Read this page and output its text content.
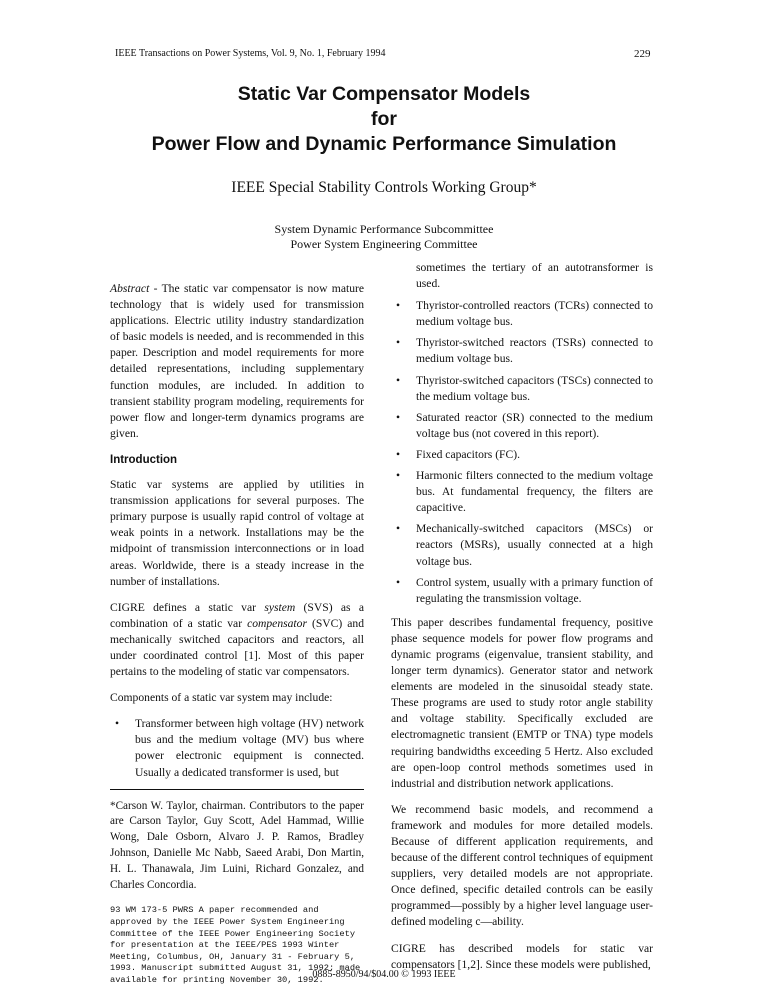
IEEE Transactions on Power Systems, Vol. 9, No. 1, February 1994	229
Static Var Compensator Models
for
Power Flow and Dynamic Performance Simulation
IEEE Special Stability Controls Working Group*
System Dynamic Performance Subcommittee
Power System Engineering Committee

Abstract - The static var compensator is now mature technology that is widely used for transmission applications. Electric utility industry standardization of basic models is needed, and is recommended in this paper. Description and model requirements for more detailed representations, including supplementary function modules, are included. In addition to transient stability program modeling, requirements for power flow and longer-term dynamics programs are given.

Introduction

Static var systems are applied by utilities in transmission applications for several purposes. The primary purpose is usually rapid control of voltage at weak points in a network. Installations may be the midpoint of transmission interconnections or in load areas. Worldwide, there is a steady increase in the number of installations.

CIGRE defines a static var system (SVS) as a combination of a static var compensator (SVC) and mechanically switched capacitors and reactors, all under coordinated control [1]. Most of this paper pertains to the modeling of static var compensators.

Components of a static var system may include:

• Transformer between high voltage (HV) network bus and the medium voltage (MV) bus where power electronic equipment is connected. Usually a dedicated transformer is used, but
*Carson W. Taylor, chairman. Contributors to the paper are Carson Taylor, Guy Scott, Adel Hammad, Willie Wong, Dale Osborn, Alvaro J. P. Ramos, Bradley Johnson, Danielle Mc Nabb, Saeed Arabi, Don Martin, H. L. Thanawala, Jim Luini, Richard Gonzalez, and Charles Concordia.
93 WM 173-5 PWRS A paper recommended and approved by the IEEE Power System Engineering Committee of the IEEE Power Engineering Society for presentation at the IEEE/PES 1993 Winter Meeting, Columbus, OH, January 31 - February 5, 1993. Manuscript submitted August 31, 1992; made available for printing November 30, 1992.
sometimes the tertiary of an autotransformer is used.
• Thyristor-controlled reactors (TCRs) connected to medium voltage bus.
• Thyristor-switched reactors (TSRs) connected to medium voltage bus.
• Thyristor-switched capacitors (TSCs) connected to the medium voltage bus.
• Saturated reactor (SR) connected to the medium voltage bus (not covered in this report).
• Fixed capacitors (FC).
• Harmonic filters connected to the medium voltage bus. At fundamental frequency, the filters are capacitive.
• Mechanically-switched capacitors (MSCs) or reactors (MSRs), usually connected at a high voltage bus.
• Control system, usually with a primary function of regulating the transmission voltage.

This paper describes fundamental frequency, positive phase sequence models for power flow programs and dynamic programs (eigenvalue, transient stability, and longer term dynamics). Generator stator and network elements are modeled in the sinusoidal steady state. These programs are used to study rotor angle stability and voltage stability. Specifically excluded are electromagnetic transient (EMTP or TNA) type models requiring bandwidths exceeding 5 Hertz. Also excluded are open-loop control methods sometimes used in industrial and distribution network applications.

We recommend basic models, and recommend a framework and modules for more detailed models. Because of different application requirements, and because of the different control techniques of equipment suppliers, very detailed models are not appropriate. Once defined, specific detailed controls can be easily programmed—possibly by a higher level language user-defined modeling c—ability.

CIGRE has described models for static var compensators [1,2]. Since these models were published,

0885-8950/94/$04.00 © 1993 IEEE
